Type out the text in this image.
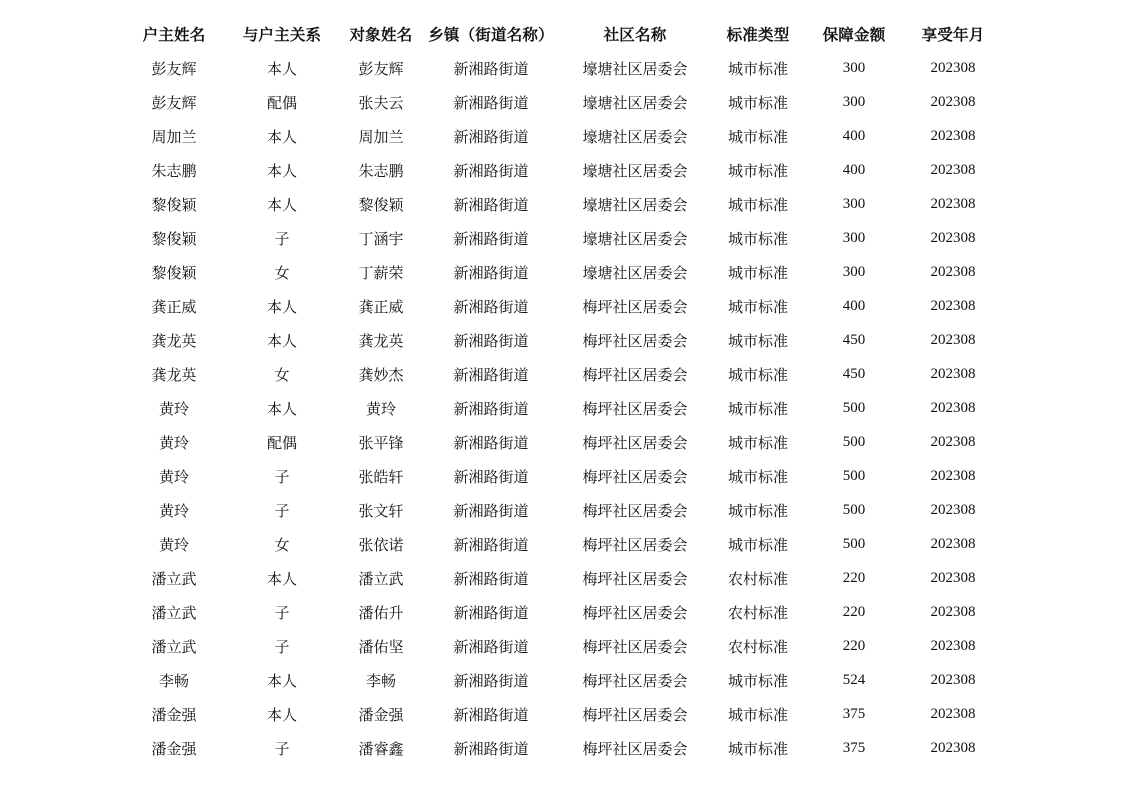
户主姓名	与户主关系	对象姓名	乡镇（街道名称）	社区名称	标准类型	保障金额	享受年月
彭友辉	本人	彭友辉	新湘路街道	壕塘社区居委会	城市标准	300	202308
彭友辉	配偶	张夫云	新湘路街道	壕塘社区居委会	城市标准	300	202308
周加兰	本人	周加兰	新湘路街道	壕塘社区居委会	城市标准	400	202308
朱志鹏	本人	朱志鹏	新湘路街道	壕塘社区居委会	城市标准	400	202308
黎俊颖	本人	黎俊颖	新湘路街道	壕塘社区居委会	城市标准	300	202308
黎俊颖	子	丁涵宇	新湘路街道	壕塘社区居委会	城市标准	300	202308
黎俊颖	女	丁薪荣	新湘路街道	壕塘社区居委会	城市标准	300	202308
龚正威	本人	龚正威	新湘路街道	梅坪社区居委会	城市标准	400	202308
龚龙英	本人	龚龙英	新湘路街道	梅坪社区居委会	城市标准	450	202308
龚龙英	女	龚妙杰	新湘路街道	梅坪社区居委会	城市标准	450	202308
黄玲	本人	黄玲	新湘路街道	梅坪社区居委会	城市标准	500	202308
黄玲	配偶	张平锋	新湘路街道	梅坪社区居委会	城市标准	500	202308
黄玲	子	张皓轩	新湘路街道	梅坪社区居委会	城市标准	500	202308
黄玲	子	张文轩	新湘路街道	梅坪社区居委会	城市标准	500	202308
黄玲	女	张依诺	新湘路街道	梅坪社区居委会	城市标准	500	202308
潘立武	本人	潘立武	新湘路街道	梅坪社区居委会	农村标准	220	202308
潘立武	子	潘佑升	新湘路街道	梅坪社区居委会	农村标准	220	202308
潘立武	子	潘佑坚	新湘路街道	梅坪社区居委会	农村标准	220	202308
李畅	本人	李畅	新湘路街道	梅坪社区居委会	城市标准	524	202308
潘金强	本人	潘金强	新湘路街道	梅坪社区居委会	城市标准	375	202308
潘金强	子	潘睿鑫	新湘路街道	梅坪社区居委会	城市标准	375	202308
